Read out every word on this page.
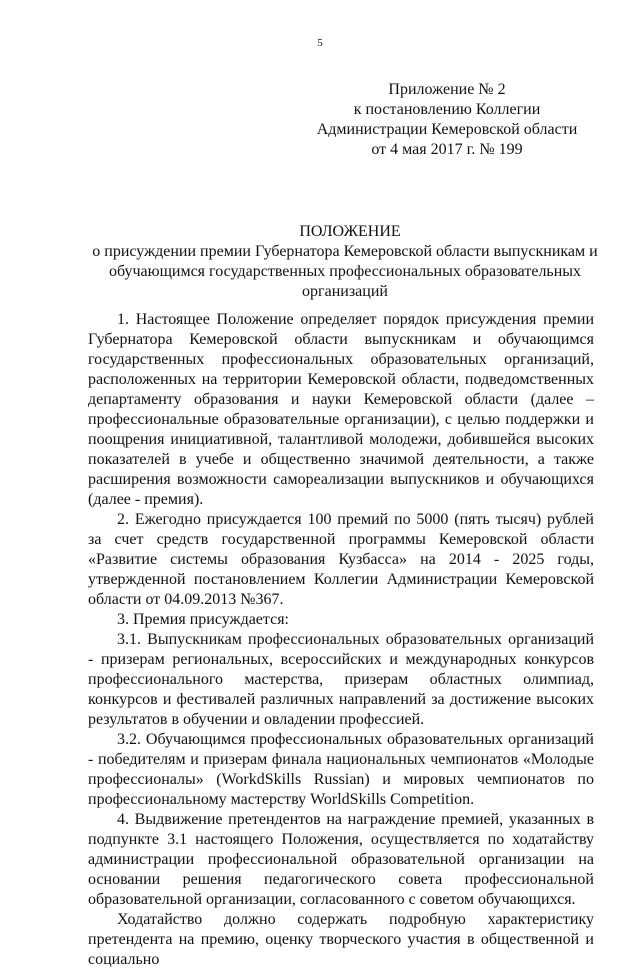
5
Приложение № 2
к постановлению Коллегии
Администрации Кемеровской области
от 4 мая 2017 г. № 199
ПОЛОЖЕНИЕ
о присуждении премии Губернатора Кемеровской области выпускникам и
обучающимся государственных профессиональных образовательных
организаций

1. Настоящее Положение определяет порядок присуждения премии Губернатора Кемеровской области выпускникам и обучающимся государственных профессиональных образовательных организаций, расположенных на территории Кемеровской области, подведомственных департаменту образования и науки Кемеровской области (далее – профессиональные образовательные организации), с целью поддержки и поощрения инициативной, талантливой молодежи, добившейся высоких показателей в учебе и общественно значимой деятельности, а также расширения возможности самореализации выпускников и обучающихся (далее - премия).

2. Ежегодно присуждается 100 премий по 5000 (пять тысяч) рублей за счет средств государственной программы Кемеровской области «Развитие системы образования Кузбасса» на 2014 - 2025 годы, утвержденной постановлением Коллегии Администрации Кемеровской области от 04.09.2013 №367.

3. Премия присуждается:

3.1. Выпускникам профессиональных образовательных организаций - призерам региональных, всероссийских и международных конкурсов профессионального мастерства, призерам областных олимпиад, конкурсов и фестивалей различных направлений за достижение высоких результатов в обучении и овладении профессией.

3.2. Обучающимся профессиональных образовательных организаций - победителям и призерам финала национальных чемпионатов «Молодые профессионалы» (WorkdSkills Russian) и мировых чемпионатов по профессиональному мастерству WorldSkills Competition.

4. Выдвижение претендентов на награждение премией, указанных в подпункте 3.1 настоящего Положения, осуществляется по ходатайству администрации профессиональной образовательной организации на основании решения педагогического совета профессиональной образовательной организации, согласованного с советом обучающихся.

Ходатайство должно содержать подробную характеристику претендента на премию, оценку творческого участия в общественной и социально
